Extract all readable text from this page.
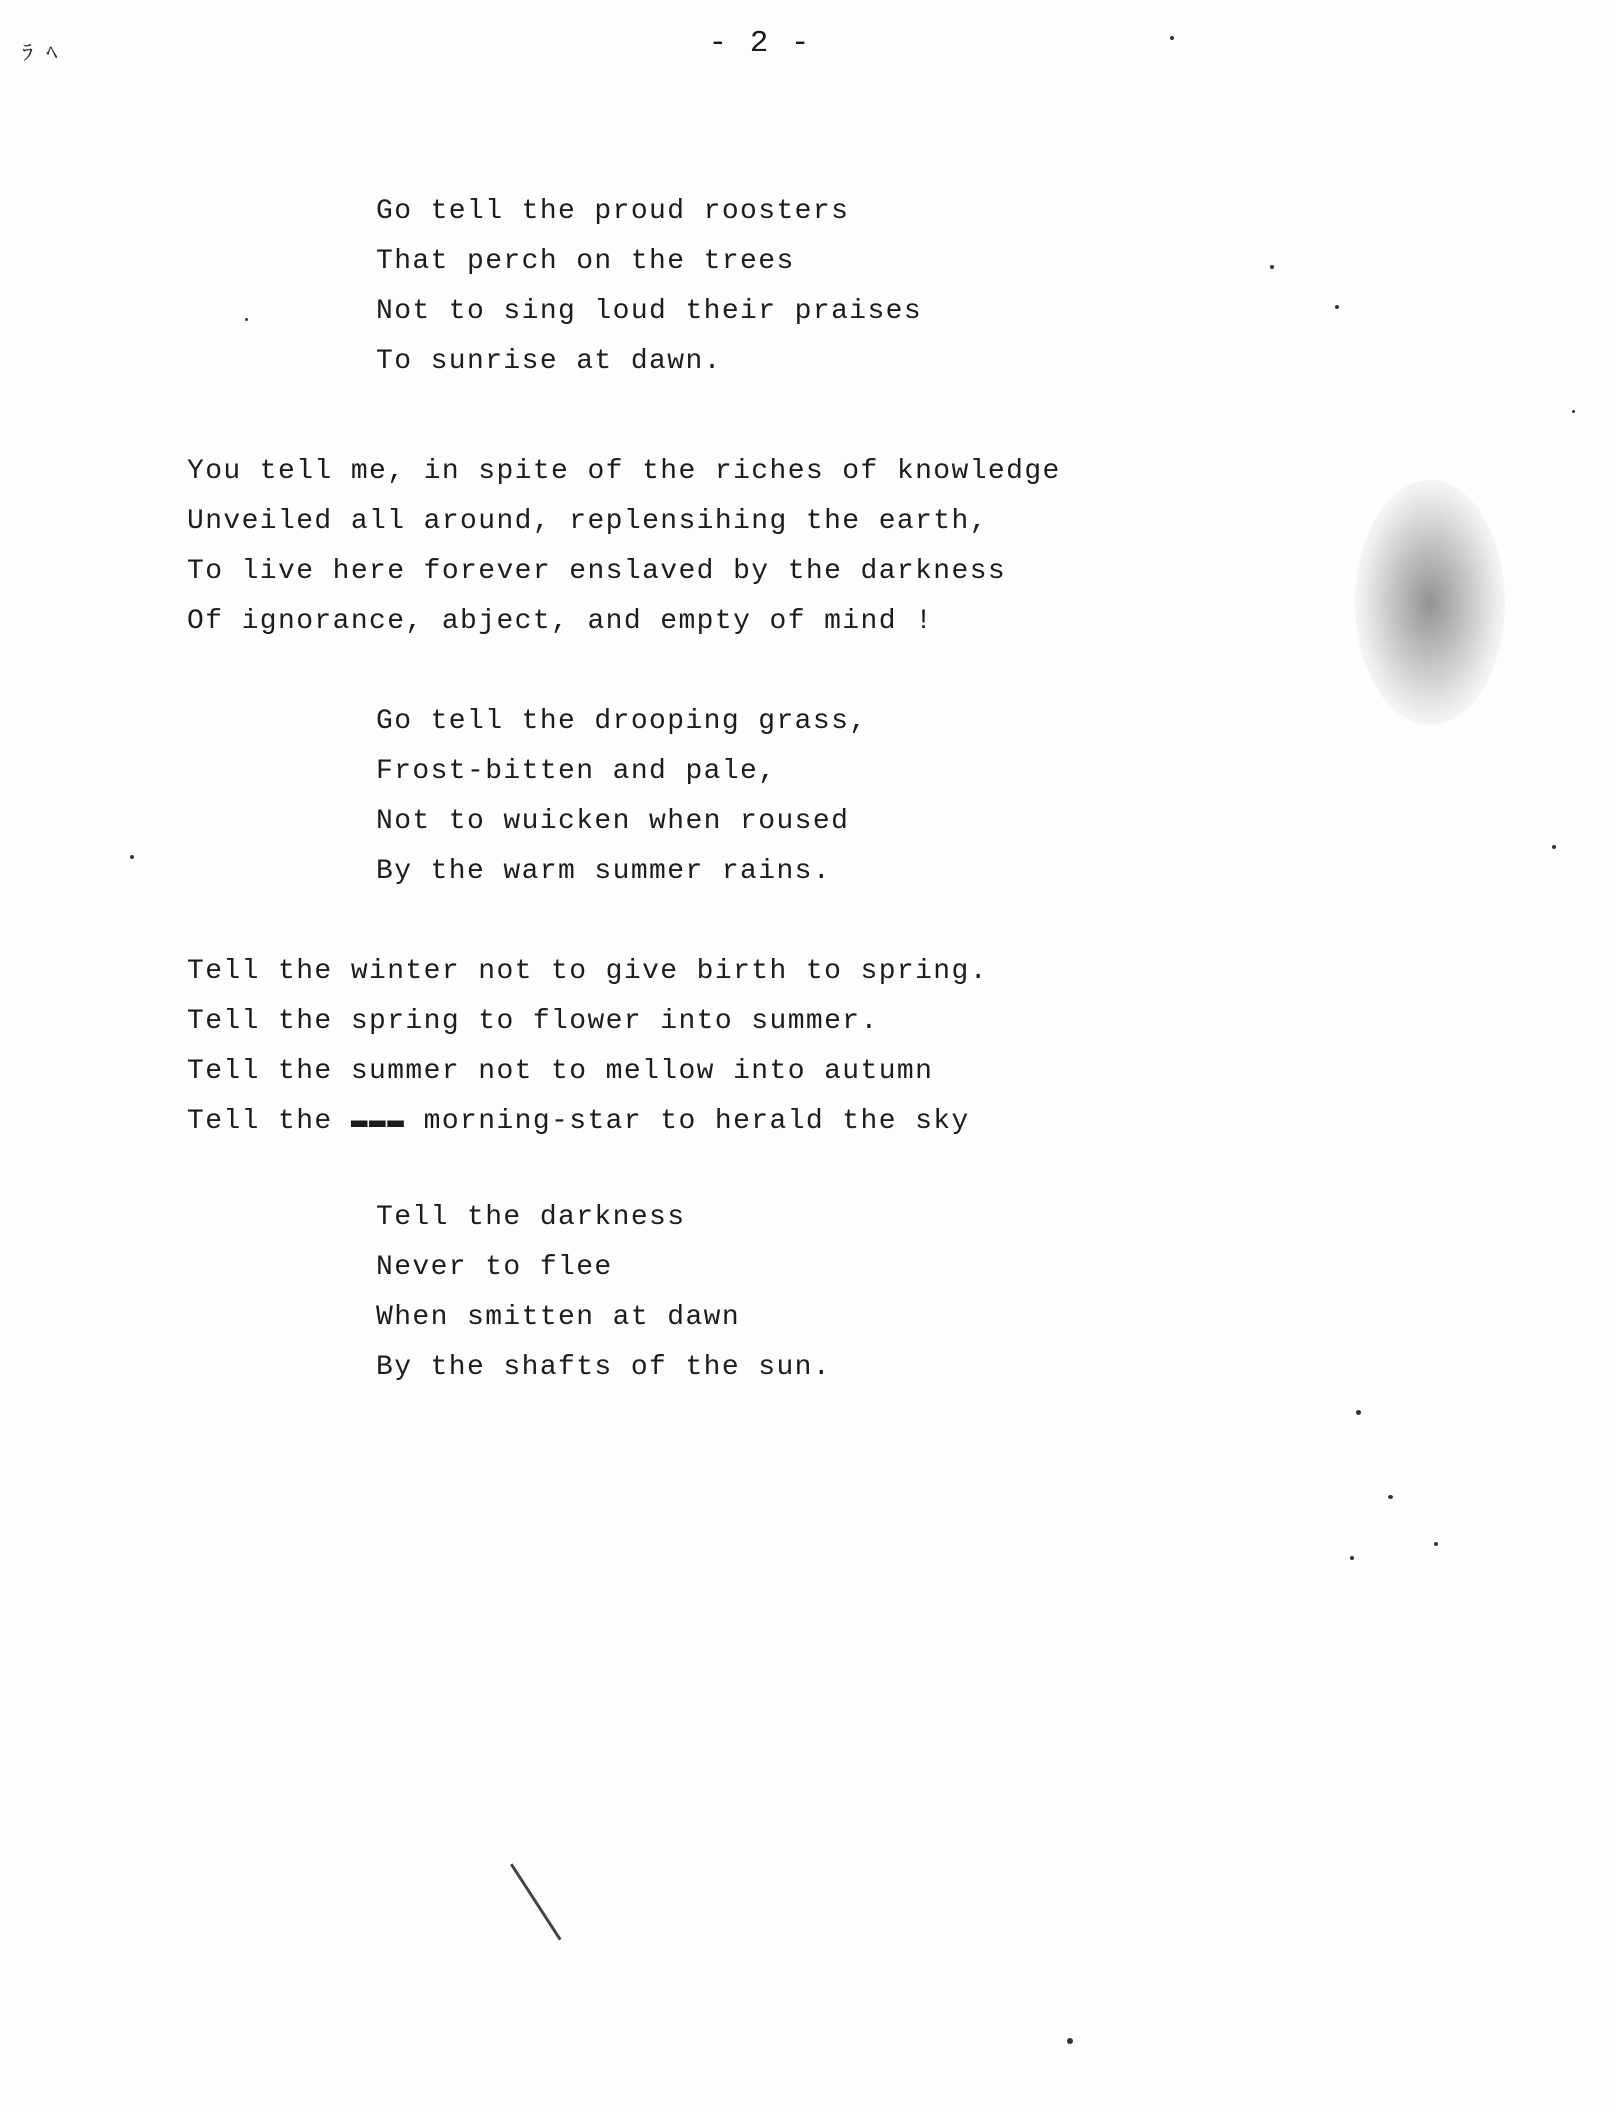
ﾗ ﾍ	- 2 -
Go tell the proud roosters
That perch on the trees
Not to sing loud their praises
To sunrise at dawn.
You tell me, in spite of the riches of knowledge
Unveiled all around, replensihing the earth,
To live here forever enslaved by the darkness
Of ignorance, abject, and empty of mind !
Go tell the drooping grass,
Frost-bitten and pale,
Not to wuicken when roused
By the warm summer rains.
Tell the winter not to give birth to spring.
Tell the spring to flower into summer.
Tell the summer not to mellow into autumn
Tell the ▬▬▬ morning-star to herald the sky
Tell the darkness
Never to flee
When smitten at dawn
By the shafts of the sun.
